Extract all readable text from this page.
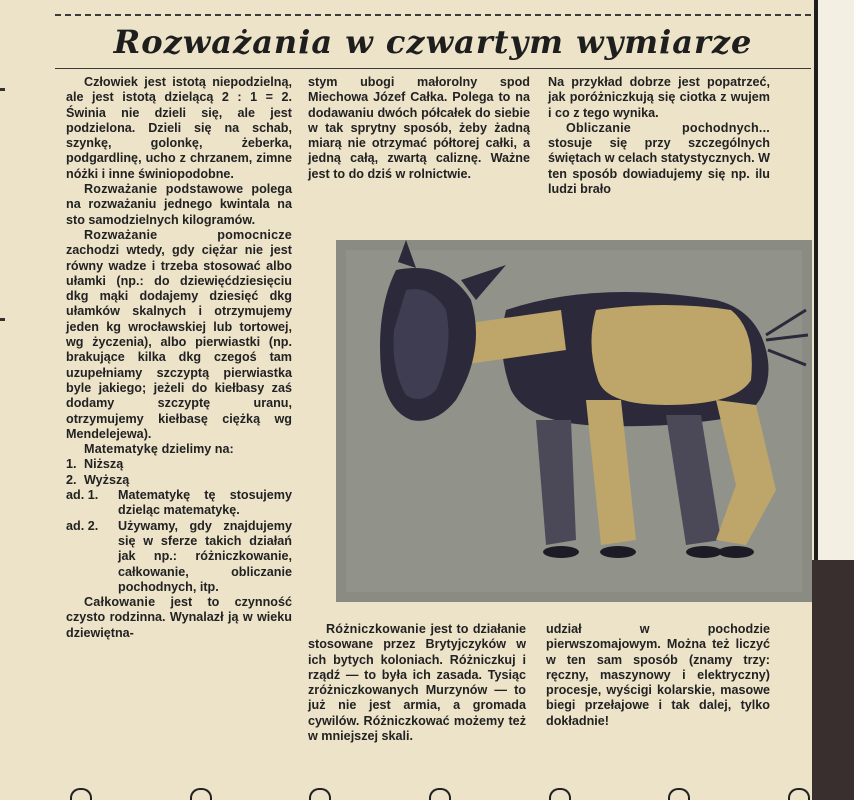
Rozważania w czwartym wymiarze

Człowiek jest istotą niepodzielną, ale jest istotą dzielącą 2 : 1 = 2. Świnia nie dzieli się, ale jest podzielona. Dzieli się na schab, szynkę, golonkę, żeberka, podgardlinę, ucho z chrzanem, zimne nóżki i inne świniopodobne.

Rozważanie podstawowe polega na rozważaniu jednego kwintala na sto samodzielnych kilogramów.

Rozważanie pomocnicze zachodzi wtedy, gdy ciężar nie jest równy wadze i trzeba stosować albo ułamki (np.: do dziewięćdziesięciu dkg mąki dodajemy dziesięć dkg ułamków skalnych i otrzymujemy jeden kg wrocławskiej lub tortowej, wg życzenia), albo pierwiastki (np. brakujące kilka dkg czegoś tam uzupełniamy szczyptą pierwiastka byle jakiego; jeżeli do kiełbasy zaś dodamy szczyptę uranu, otrzymujemy kiełbasę ciężką wg Mendelejewa).

Matematykę dzielimy na:

1. Niższą
2. Wyższą
ad. 1.	Matematykę tę stosujemy dzieląc matematykę.
ad. 2.	Używamy, gdy znajdujemy się w sferze takich działań jak np.: różniczkowanie, całkowanie, obliczanie pochodnych, itp.

Całkowanie jest to czynność czysto rodzinna. Wynalazł ją w wieku dziewiętna-

stym ubogi małorolny spod Miechowa Józef Całka. Polega to na dodawaniu dwóch półcałek do siebie w tak sprytny sposób, żeby żadną miarą nie otrzymać półtorej całki, a jedną całą, zwartą caliznę. Ważne jest to do dziś w rolnictwie.

Na przykład dobrze jest popatrzeć, jak poróżniczkują się ciotka z wujem i co z tego wynika.

Obliczanie pochodnych... stosuje się przy szczególnych świętach w celach statystycznych. W ten sposób dowiadujemy się np. ilu ludzi brało

Różniczkowanie jest to działanie stosowane przez Brytyjczyków w ich bytych koloniach. Różniczkuj i rządź — to była ich zasada. Tysiąc zróżniczkowanych Murzynów — to już nie jest armia, a gromada cywilów. Różniczkować możemy też w mniejszej skali.

udział w pochodzie pierwszomajowym. Można też liczyć w ten sam sposób (znamy trzy: ręczny, maszynowy i elektryczny) procesje, wyścigi kolarskie, masowe biegi przełajowe i tak dalej, tylko dokładnie!
